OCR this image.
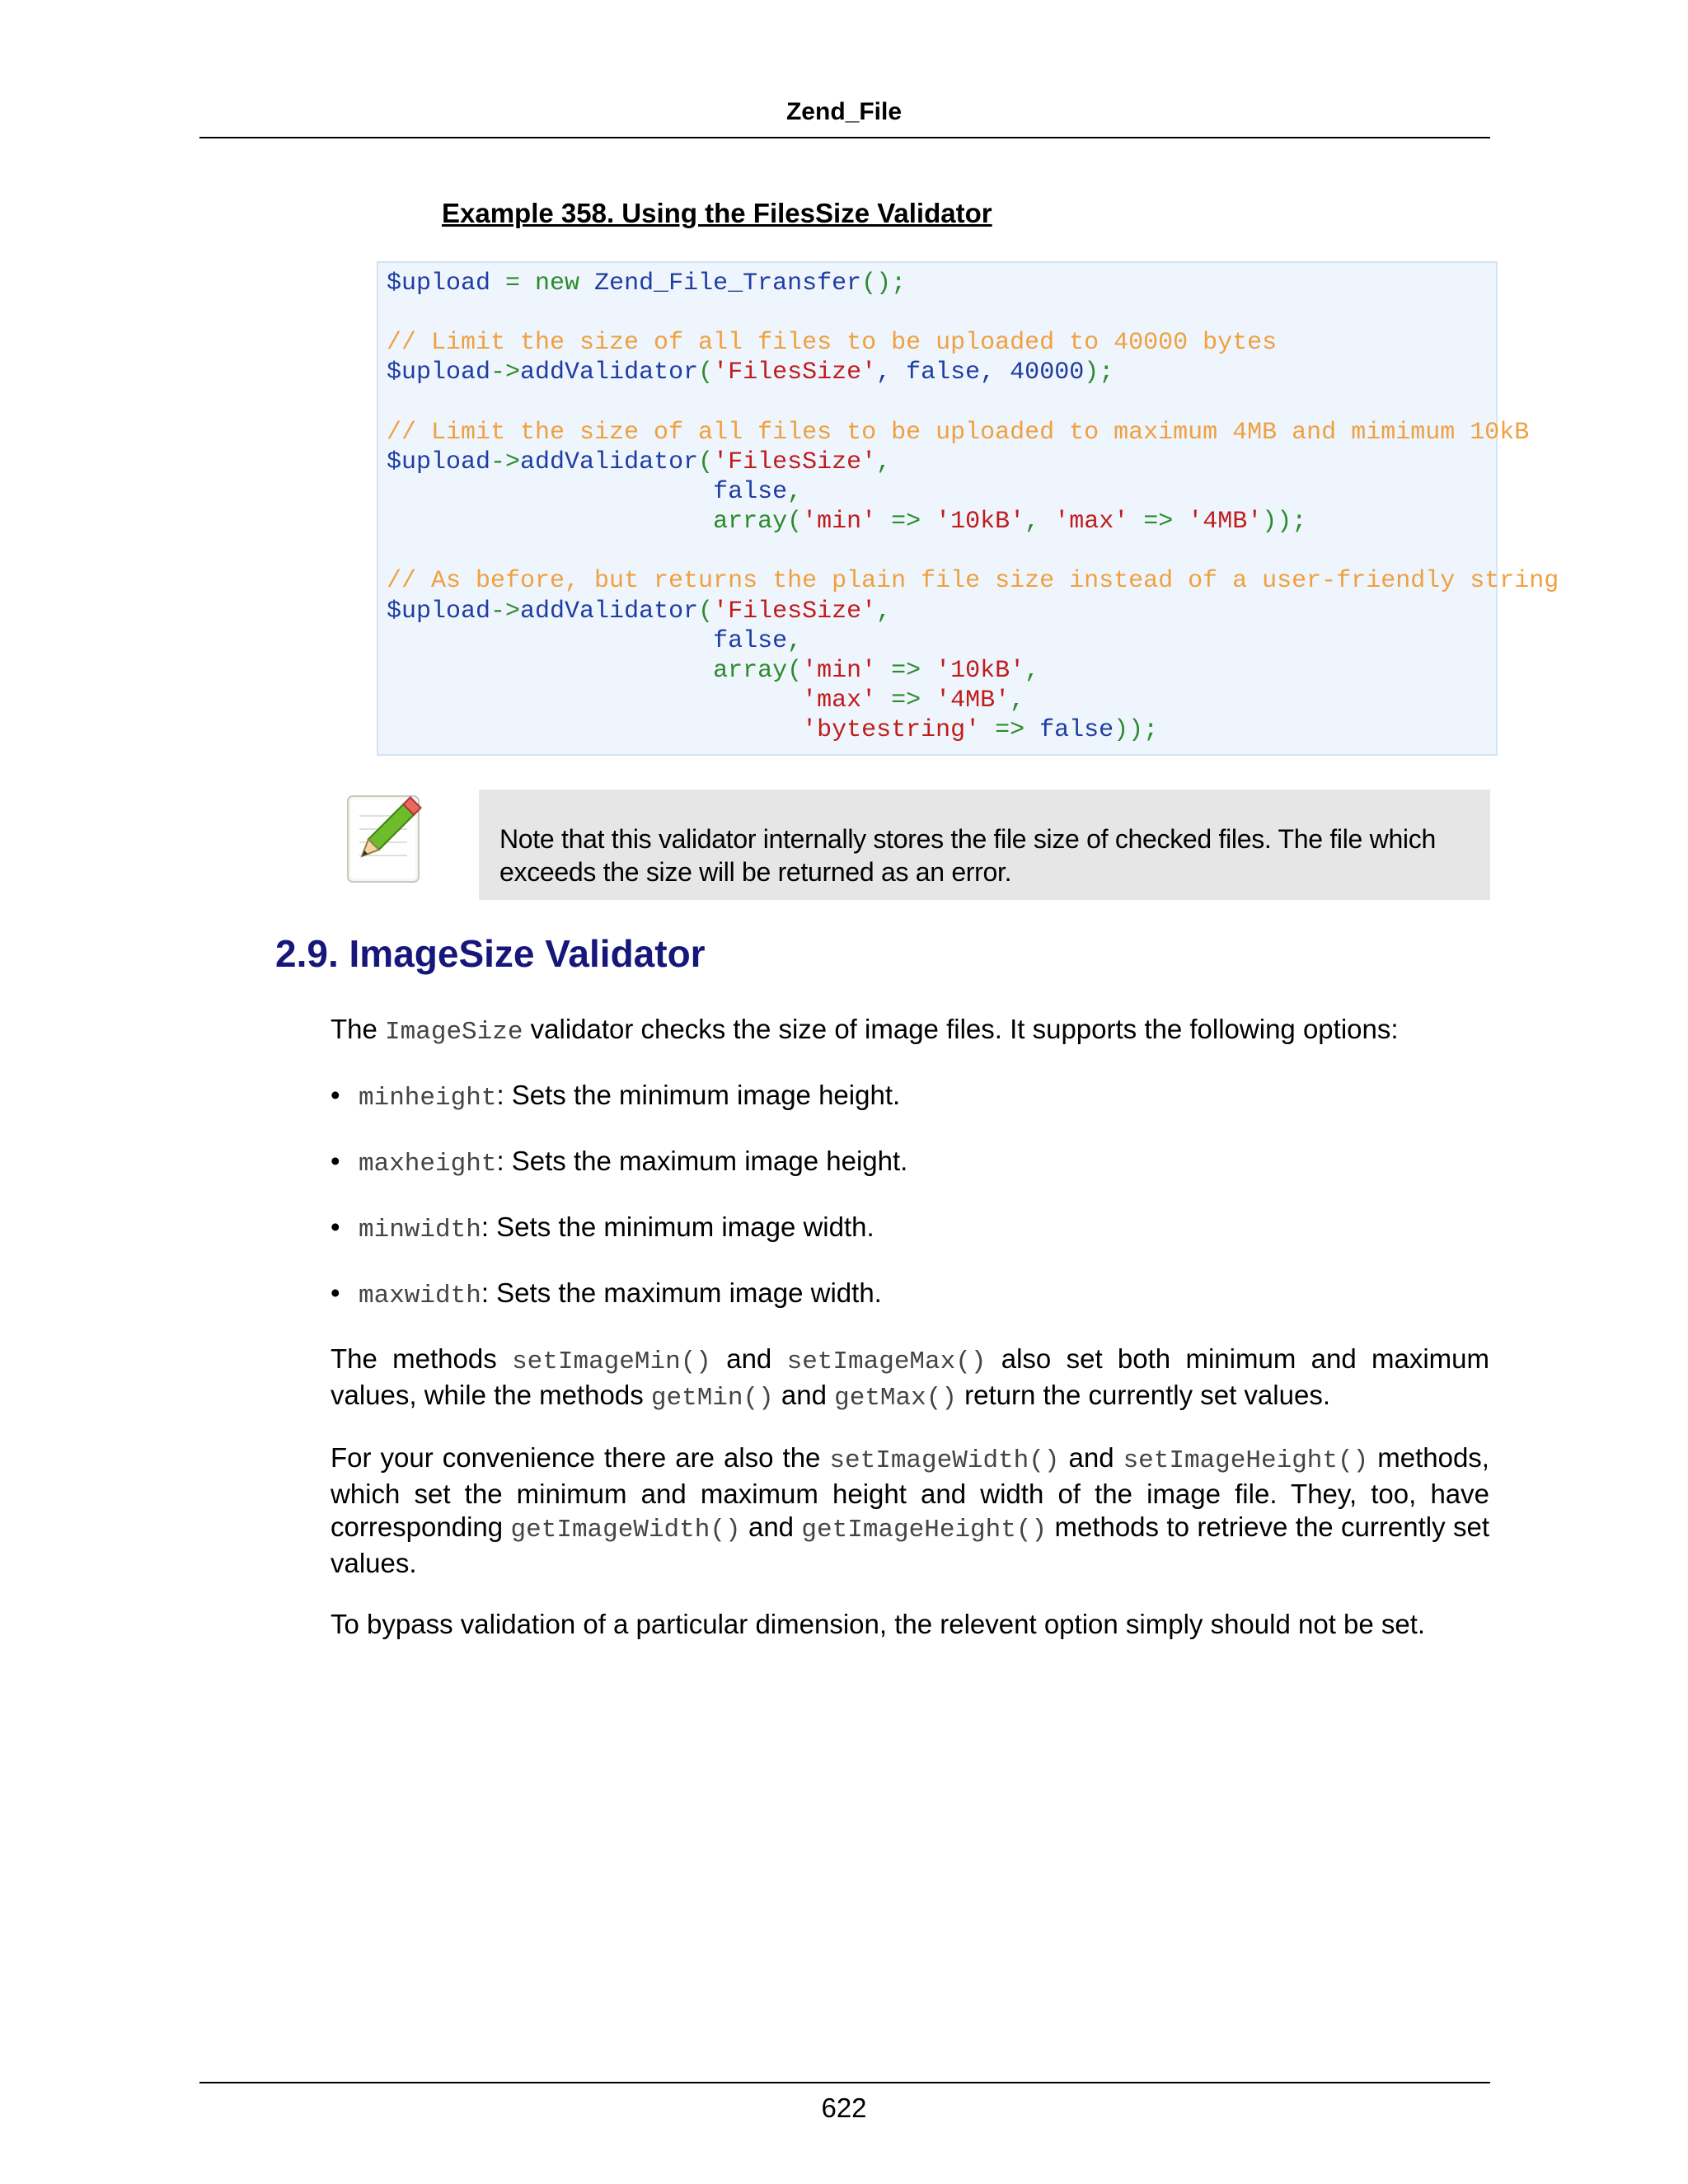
Zend_File
Example 358. Using the FilesSize Validator
$upload = new Zend_File_Transfer();

// Limit the size of all files to be uploaded to 40000 bytes
$upload->addValidator('FilesSize', false, 40000);

// Limit the size of all files to be uploaded to maximum 4MB and mimimum 10kB
$upload->addValidator('FilesSize',
false,
array('min' => '10kB', 'max' => '4MB'));

// As before, but returns the plain file size instead of a user-friendly string
$upload->addValidator('FilesSize',
false,
array('min' => '10kB',
'max' => '4MB',
'bytestring' => false));
Note that this validator internally stores the file size of checked files. The file which exceeds the size will be returned as an error.
2.9. ImageSize Validator
The ImageSize validator checks the size of image files. It supports the following options:
• minheight: Sets the minimum image height.
• maxheight: Sets the maximum image height.
• minwidth: Sets the minimum image width.
• maxwidth: Sets the maximum image width.
The methods setImageMin() and setImageMax() also set both minimum and maximum values, while the methods getMin() and getMax() return the currently set values.
For your convenience there are also the setImageWidth() and setImageHeight() methods, which set the minimum and maximum height and width of the image file. They, too, have corresponding getImageWidth() and getImageHeight() methods to retrieve the currently set values.
To bypass validation of a particular dimension, the relevent option simply should not be set.
622
